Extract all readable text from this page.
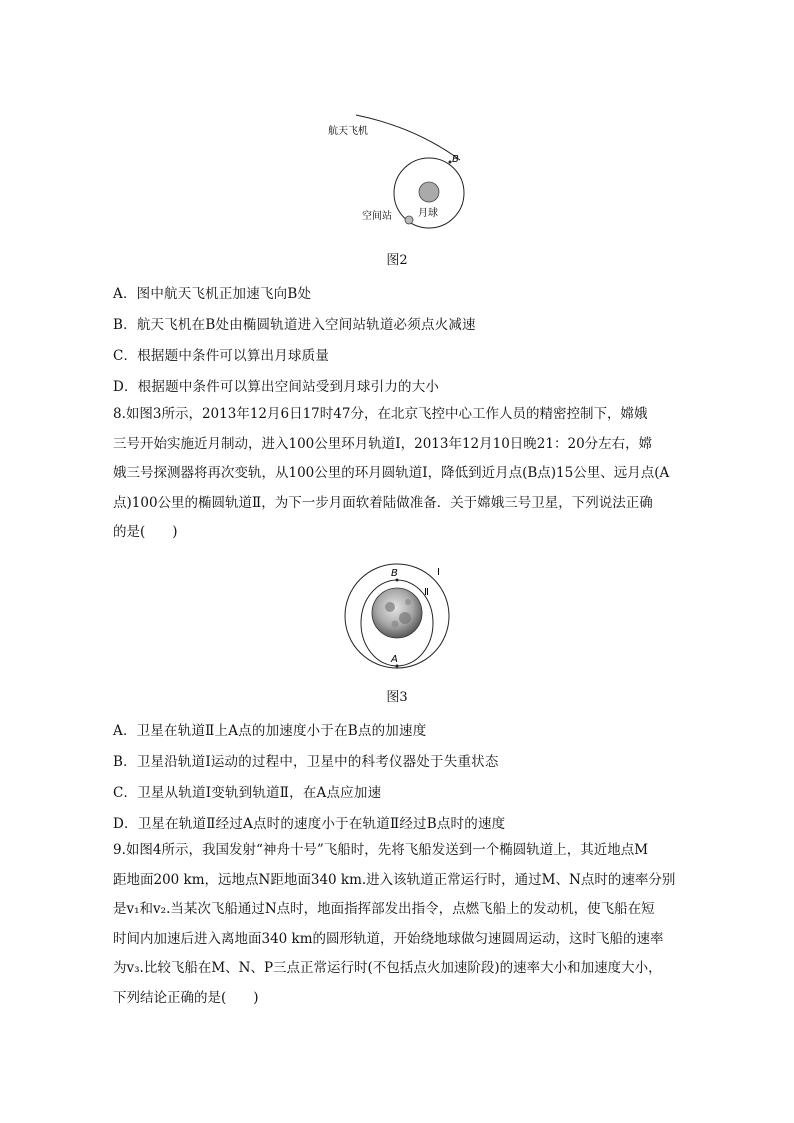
航天飞机
B
空间站	月球
图2
A．图中航天飞机正加速飞向B处
B．航天飞机在B处由椭圆轨道进入空间站轨道必须点火减速
C．根据题中条件可以算出月球质量
D．根据题中条件可以算出空间站受到月球引力的大小
8.如图3所示，2013年12月6日17时47分，在北京飞控中心工作人员的精密控制下，嫦娥
三号开始实施近月制动，进入100公里环月轨道Ⅰ，2013年12月10日晚21：20分左右，嫦
娥三号探测器将再次变轨，从100公里的环月圆轨道Ⅰ，降低到近月点(B点)15公里、远月点(A
点)100公里的椭圆轨道Ⅱ，为下一步月面软着陆做准备．关于嫦娥三号卫星，下列说法正确
的是(　　)
B
A
Ⅰ
Ⅱ
图3
A．卫星在轨道Ⅱ上A点的加速度小于在B点的加速度
B．卫星沿轨道Ⅰ运动的过程中，卫星中的科考仪器处于失重状态
C．卫星从轨道Ⅰ变轨到轨道Ⅱ，在A点应加速
D．卫星在轨道Ⅱ经过A点时的速度小于在轨道Ⅱ经过B点时的速度
9.如图4所示，我国发射“神舟十号”飞船时，先将飞船发送到一个椭圆轨道上，其近地点M
距地面200 km，远地点N距地面340 km.进入该轨道正常运行时，通过M、N点时的速率分别
是v₁和v₂.当某次飞船通过N点时，地面指挥部发出指令，点燃飞船上的发动机，使飞船在短
时间内加速后进入离地面340 km的圆形轨道，开始绕地球做匀速圆周运动，这时飞船的速率
为v₃.比较飞船在M、N、P三点正常运行时(不包括点火加速阶段)的速率大小和加速度大小，
下列结论正确的是(　　)
